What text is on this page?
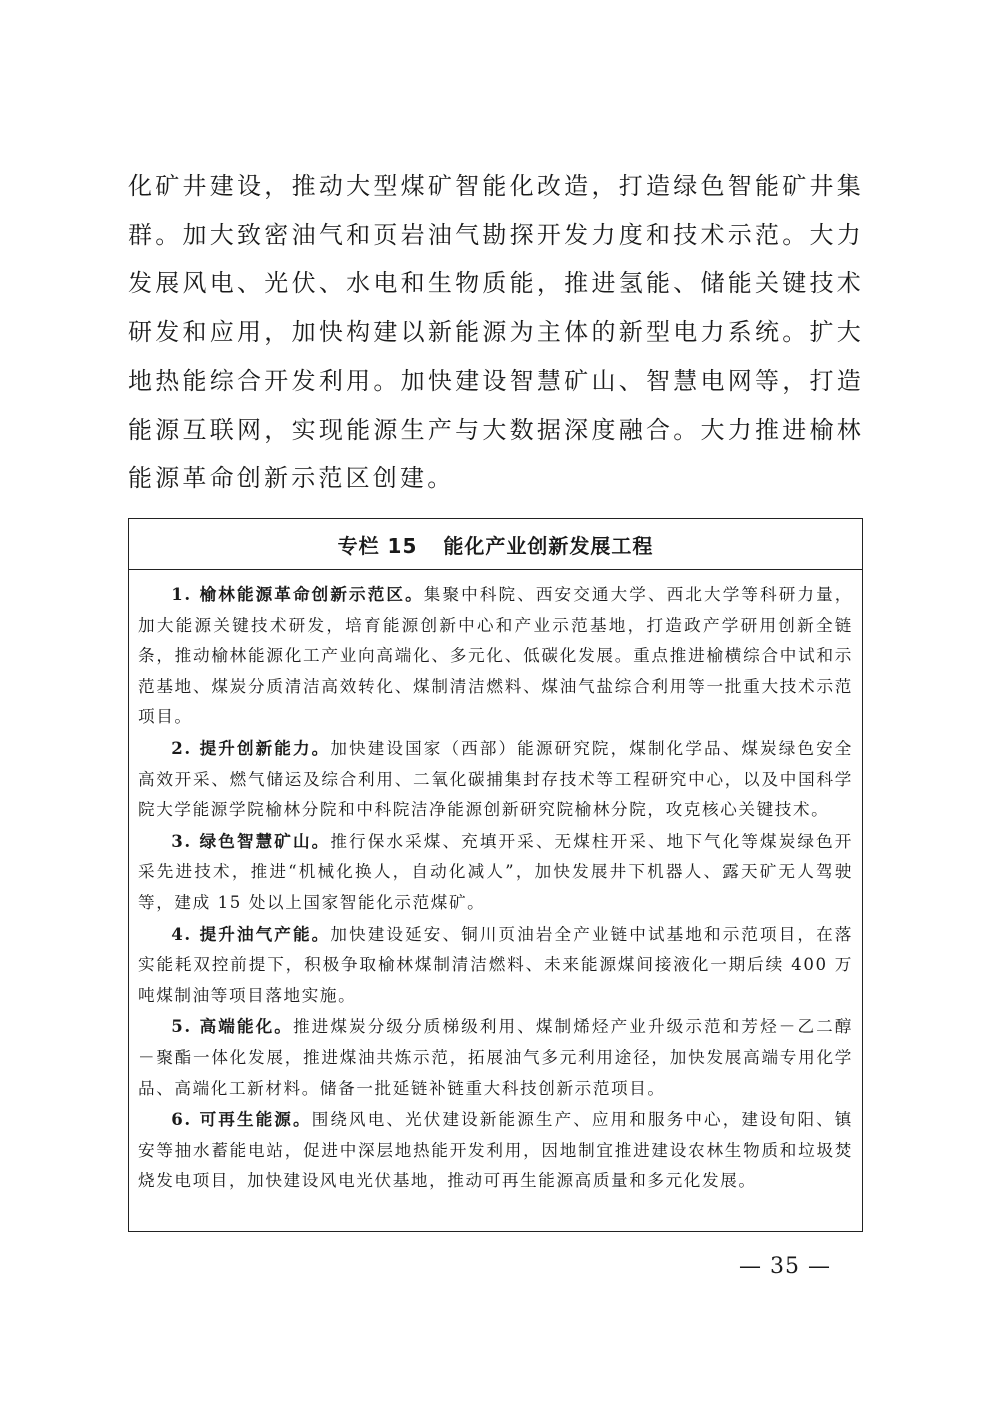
化矿井建设，推动大型煤矿智能化改造，打造绿色智能矿井集群。加大致密油气和页岩油气勘探开发力度和技术示范。大力发展风电、光伏、水电和生物质能，推进氢能、储能关键技术研发和应用，加快构建以新能源为主体的新型电力系统。扩大地热能综合开发利用。加快建设智慧矿山、智慧电网等，打造能源互联网，实现能源生产与大数据深度融合。大力推进榆林能源革命创新示范区创建。

专栏 15 能化产业创新发展工程

1. 榆林能源革命创新示范区。集聚中科院、西安交通大学、西北大学等科研力量，加大能源关键技术研发，培育能源创新中心和产业示范基地，打造政产学研用创新全链条，推动榆林能源化工产业向高端化、多元化、低碳化发展。重点推进榆横综合中试和示范基地、煤炭分质清洁高效转化、煤制清洁燃料、煤油气盐综合利用等一批重大技术示范项目。

2. 提升创新能力。加快建设国家（西部）能源研究院，煤制化学品、煤炭绿色安全高效开采、燃气储运及综合利用、二氧化碳捕集封存技术等工程研究中心，以及中国科学院大学能源学院榆林分院和中科院洁净能源创新研究院榆林分院，攻克核心关键技术。

3. 绿色智慧矿山。推行保水采煤、充填开采、无煤柱开采、地下气化等煤炭绿色开采先进技术，推进“机械化换人，自动化减人”，加快发展井下机器人、露天矿无人驾驶等，建成 15 处以上国家智能化示范煤矿。

4. 提升油气产能。加快建设延安、铜川页油岩全产业链中试基地和示范项目，在落实能耗双控前提下，积极争取榆林煤制清洁燃料、未来能源煤间接液化一期后续 400 万吨煤制油等项目落地实施。

5. 高端能化。推进煤炭分级分质梯级利用、煤制烯烃产业升级示范和芳烃－乙二醇－聚酯一体化发展，推进煤油共炼示范，拓展油气多元利用途径，加快发展高端专用化学品、高端化工新材料。储备一批延链补链重大科技创新示范项目。

6. 可再生能源。围绕风电、光伏建设新能源生产、应用和服务中心，建设旬阳、镇安等抽水蓄能电站，促进中深层地热能开发利用，因地制宜推进建设农林生物质和垃圾焚烧发电项目，加快建设风电光伏基地，推动可再生能源高质量和多元化发展。

— 35 —
